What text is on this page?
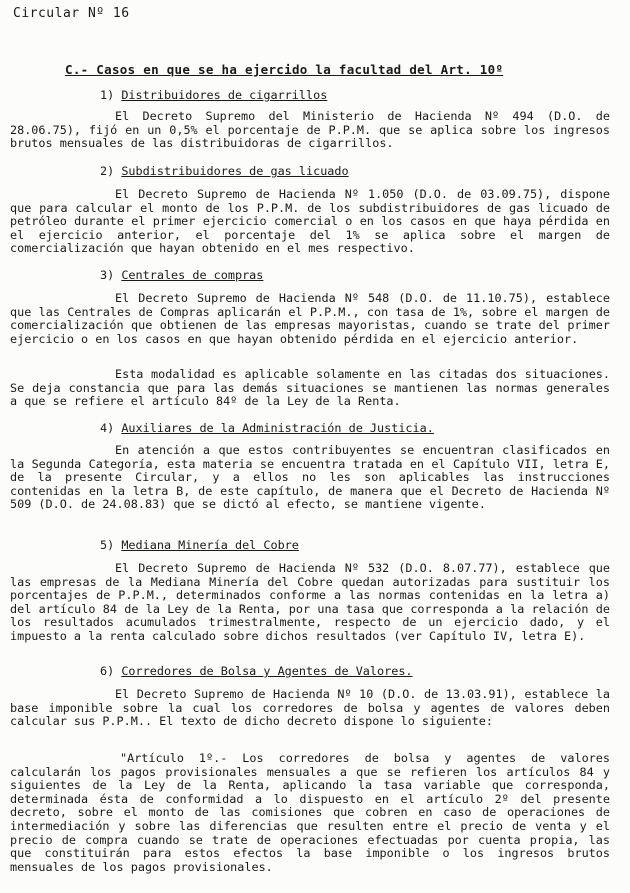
Circular Nº 16
C.- Casos en que se ha ejercido la facultad del Art. 10º
1) Distribuidores de cigarrillos
El Decreto Supremo del Ministerio de Hacienda Nº 494 (D.O. de 28.06.75), fijó en un 0,5% el porcentaje de P.P.M. que se aplica sobre los ingresos brutos mensuales de las distribuidoras de cigarrillos.
2) Subdistribuidores de gas licuado
El Decreto Supremo de Hacienda Nº 1.050 (D.O. de 03.09.75), dispone que para calcular el monto de los P.P.M. de los subdistribuidores de gas licuado de petróleo durante el primer ejercicio comercial o en los casos en que haya pérdida en el ejercicio anterior, el porcentaje del 1% se aplica sobre el margen de comercialización que hayan obtenido en el mes respectivo.
3) Centrales de compras
El Decreto Supremo de Hacienda Nº 548 (D.O. de 11.10.75), establece que las Centrales de Compras aplicarán el P.P.M., con tasa de 1%, sobre el margen de comercialización que obtienen de las empresas mayoristas, cuando se trate del primer ejercicio o en los casos en que hayan obtenido pérdida en el ejercicio anterior.
Esta modalidad es aplicable solamente en las citadas dos situaciones. Se deja constancia que para las demás situaciones se mantienen las normas generales a que se refiere el artículo 84º de la Ley de la Renta.
4) Auxiliares de la Administración de Justicia.
En atención a que estos contribuyentes se encuentran clasificados en la Segunda Categoría, esta materia se encuentra tratada en el Capítulo VII, letra E, de la presente Circular, y a ellos no les son aplicables las instrucciones contenidas en la letra B, de este capítulo, de manera que el Decreto de Hacienda Nº 509 (D.O. de 24.08.83) que se dictó al efecto, se mantiene vigente.
5) Mediana Minería del Cobre
El Decreto Supremo de Hacienda Nº 532 (D.O. 8.07.77), establece que las empresas de la Mediana Minería del Cobre quedan autorizadas para sustituir los porcentajes de P.P.M., determinados conforme a las normas contenidas en la letra a) del artículo 84 de la Ley de la Renta, por una tasa que corresponda a la relación de los resultados acumulados trimestralmente, respecto de un ejercicio dado, y el impuesto a la renta calculado sobre dichos resultados (ver Capítulo IV, letra E).
6) Corredores de Bolsa y Agentes de Valores.
El Decreto Supremo de Hacienda Nº 10 (D.O. de 13.03.91), establece la base imponible sobre la cual los corredores de bolsa y agentes de valores deben calcular sus P.P.M.. El texto de dicho decreto dispone lo siguiente:
"Artículo 1º.- Los corredores de bolsa y agentes de valores calcularán los pagos provisionales mensuales a que se refieren los artículos 84 y siguientes de la Ley de la Renta, aplicando la tasa variable que corresponda, determinada ésta de conformidad a lo dispuesto en el artículo 2º del presente decreto, sobre el monto de las comisiones que cobren en caso de operaciones de intermediación y sobre las diferencias que resulten entre el precio de venta y el precio de compra cuando se trate de operaciones efectuadas por cuenta propia, las que constituirán para estos efectos la base imponible o los ingresos brutos mensuales de los pagos provisionales.
